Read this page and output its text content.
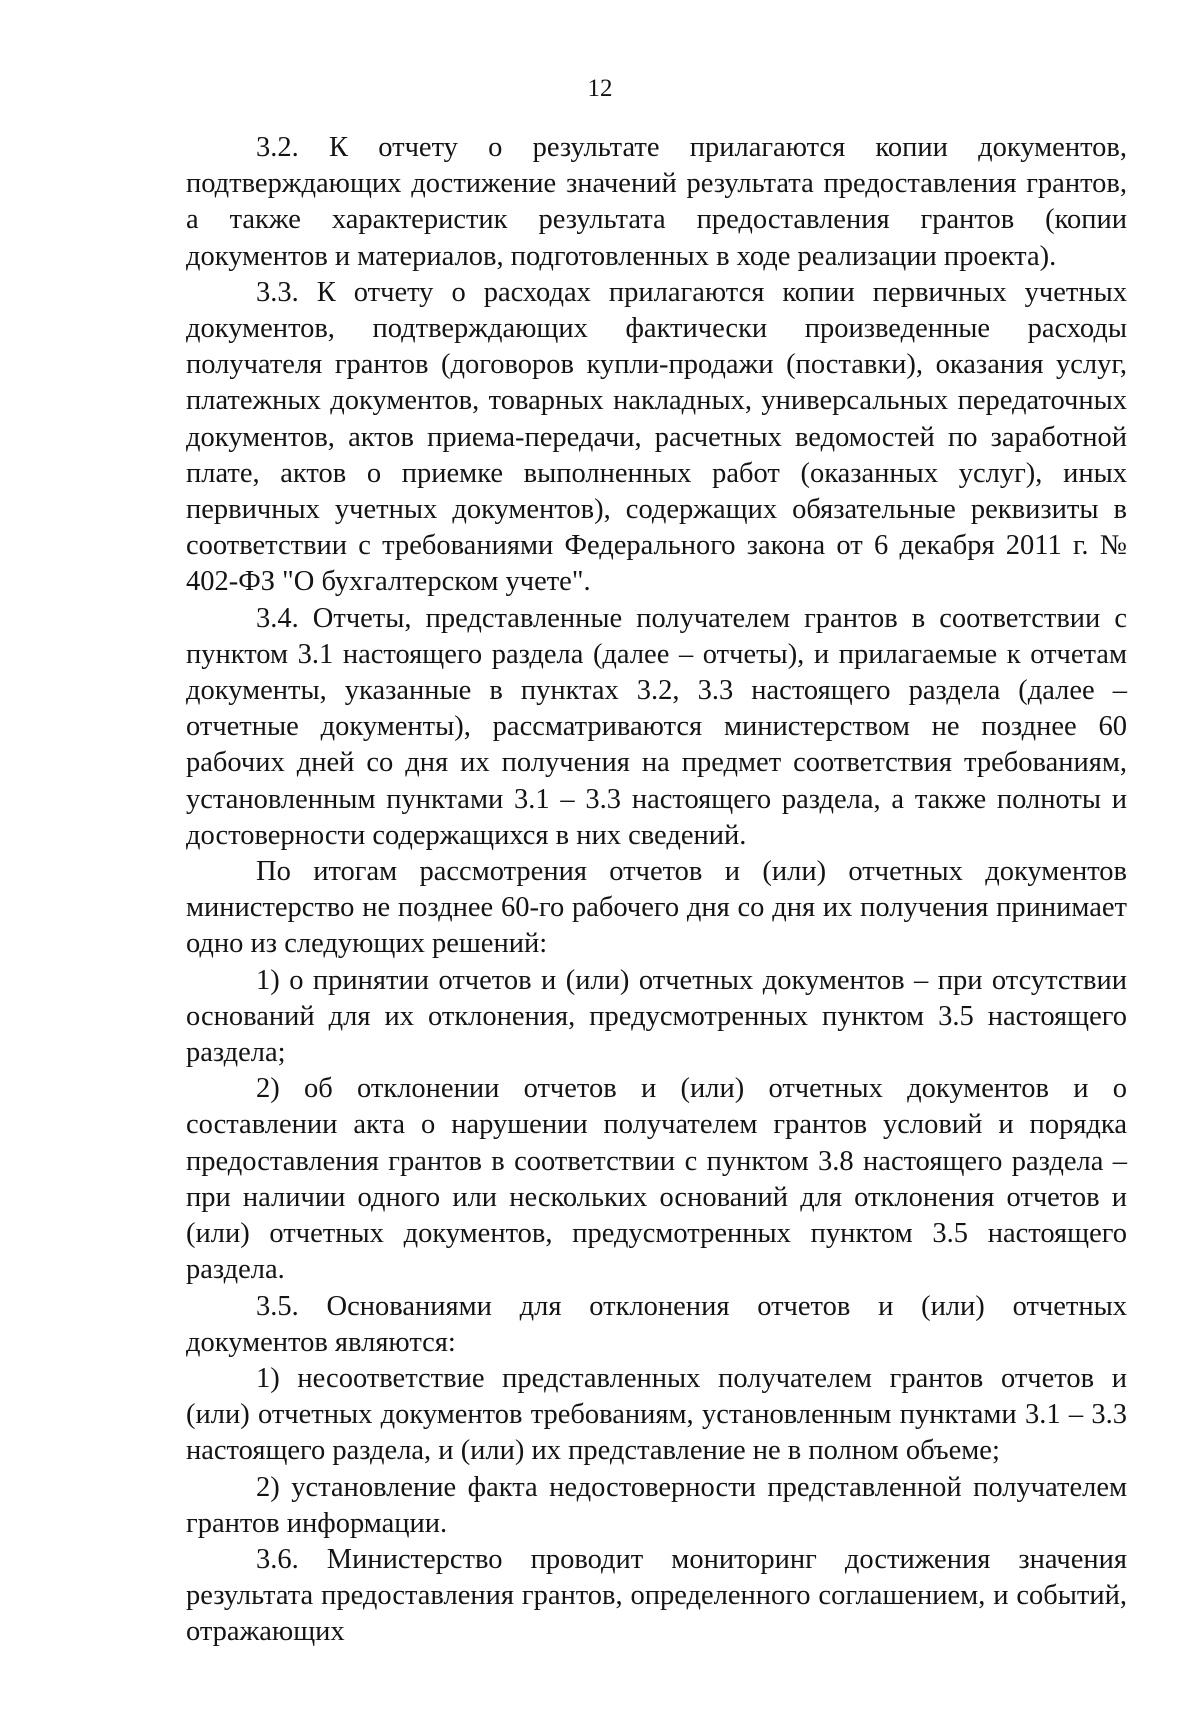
12

3.2. К отчету о результате прилагаются копии документов, подтверждающих достижение значений результата предоставления грантов, а также характеристик результата предоставления грантов (копии документов и материалов, подготовленных в ходе реализации проекта).

3.3. К отчету о расходах прилагаются копии первичных учетных документов, подтверждающих фактически произведенные расходы получателя грантов (договоров купли-продажи (поставки), оказания услуг, платежных документов, товарных накладных, универсальных передаточных документов, актов приема-передачи, расчетных ведомостей по заработной плате, актов о приемке выполненных работ (оказанных услуг), иных первичных учетных документов), содержащих обязательные реквизиты в соответствии с требованиями Федерального закона от 6 декабря 2011 г. № 402-ФЗ "О бухгалтерском учете".

3.4. Отчеты, представленные получателем грантов в соответствии с пунктом 3.1 настоящего раздела (далее – отчеты), и прилагаемые к отчетам документы, указанные в пунктах 3.2, 3.3 настоящего раздела (далее – отчетные документы), рассматриваются министерством не позднее 60 рабочих дней со дня их получения на предмет соответствия требованиям, установленным пунктами 3.1 – 3.3 настоящего раздела, а также полноты и достоверности содержащихся в них сведений.

По итогам рассмотрения отчетов и (или) отчетных документов министерство не позднее 60-го рабочего дня со дня их получения принимает одно из следующих решений:

1) о принятии отчетов и (или) отчетных документов – при отсутствии оснований для их отклонения, предусмотренных пунктом 3.5 настоящего раздела;

2) об отклонении отчетов и (или) отчетных документов и о составлении акта о нарушении получателем грантов условий и порядка предоставления грантов в соответствии с пунктом 3.8 настоящего раздела – при наличии одного или нескольких оснований для отклонения отчетов и (или) отчетных документов, предусмотренных пунктом 3.5 настоящего раздела.

3.5. Основаниями для отклонения отчетов и (или) отчетных документов являются:

1) несоответствие представленных получателем грантов отчетов и (или) отчетных документов требованиям, установленным пунктами 3.1 – 3.3 настоящего раздела, и (или) их представление не в полном объеме;

2) установление факта недостоверности представленной получателем грантов информации.

3.6. Министерство проводит мониторинг достижения значения результата предоставления грантов, определенного соглашением, и событий, отражающих
